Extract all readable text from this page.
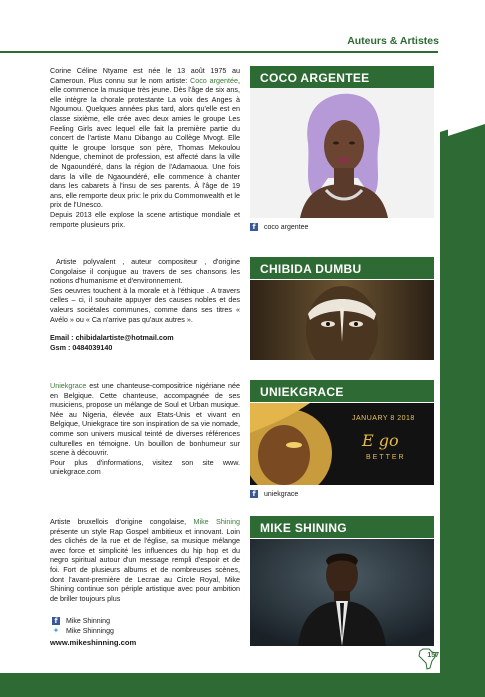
Auteurs & Artistes

Corine Céline Ntyame est née le 13 août 1975 au Cameroun. Plus connu sur le nom artiste: Coco argentée, elle commence la musique très jeune. Dès l'âge de six ans, elle intègre la chorale protestante La voix des Anges à Ngoumou. Quelques années plus tard, alors qu'elle est en classe sixième, elle crée avec deux amies le groupe Les Feeling Girls avec lequel elle fait la première partie du concert de l'artiste Manu Dibango au Collège Mvogt. Elle quitte le groupe lorsque son père, Thomas Mekoulou Ndengue, cheminot de profession, est affecté dans la ville de Ngaoundéré, dans la région de l'Adamaoua. Une fois dans la ville de Ngaoundéré, elle commence à chanter dans les cabarets à l'insu de ses parents. À l'âge de 19 ans, elle remporte deux prix: le prix du Commonwealth et le prix de l'Unesco.

Depuis 2013 elle explose la scene artistique mondiale et remporte plusieurs prix.

Artiste polyvalent , auteur compositeur , d'origine Congolaise il conjugue au travers de ses chansons les notions d'humanisme et d'environnement.

Ses oeuvres touchent à la morale et à l'éthique . A travers celles – ci, il souhaite appuyer des causes nobles et des valeurs sociétales communes, comme dans ses titres « Avélo » ou « Ca n'arrive pas qu'aux autres ».

Email : chibidalartiste@hotmail.com

Gsm : 0484039140

Uniekgrace est une chanteuse-compositrice nigériane née en Belgique. Cette chanteuse, accompagnée de ses musiciens, propose un mélange de Soul et Urban musique. Née au Nigeria, élevée aux Etats-Unis et vivant en Belgique, Uniekgrace tire son inspiration de sa vie nomade, comme son univers musical teinté de diverses références culturelles en témoigne. Un bouillon de bonhumeur sur scene à découvrir.

Pour plus d'informations, visitez son site www. uniekgrace.com

Artiste bruxellois d'origine congolaise, Mike Shining présente un style Rap Gospel ambitieux et innovant. Loin des clichés de la rue et de l'église, sa musique mélange avec force et simplicité les influences du hip hop et du negro spiritual autour d'un message rempli d'espoir et de foi. Fort de plusieurs albums et de nombreuses scènes, dont l'avant-première de Lecrae au Circle Royal, Mike Shining continue son périple artistique avec pour ambition de briller toujours plus

f	Mike Shinning
✦ Mike Shinningg
www.mikeshinning.com
COCO ARGENTEE
f	coco argentee
CHIBIDA DUMBU
UNIEKGRACE
JANUARY 8 2018
E go
BETTER
f	uniekgrace
MIKE SHINING
157
